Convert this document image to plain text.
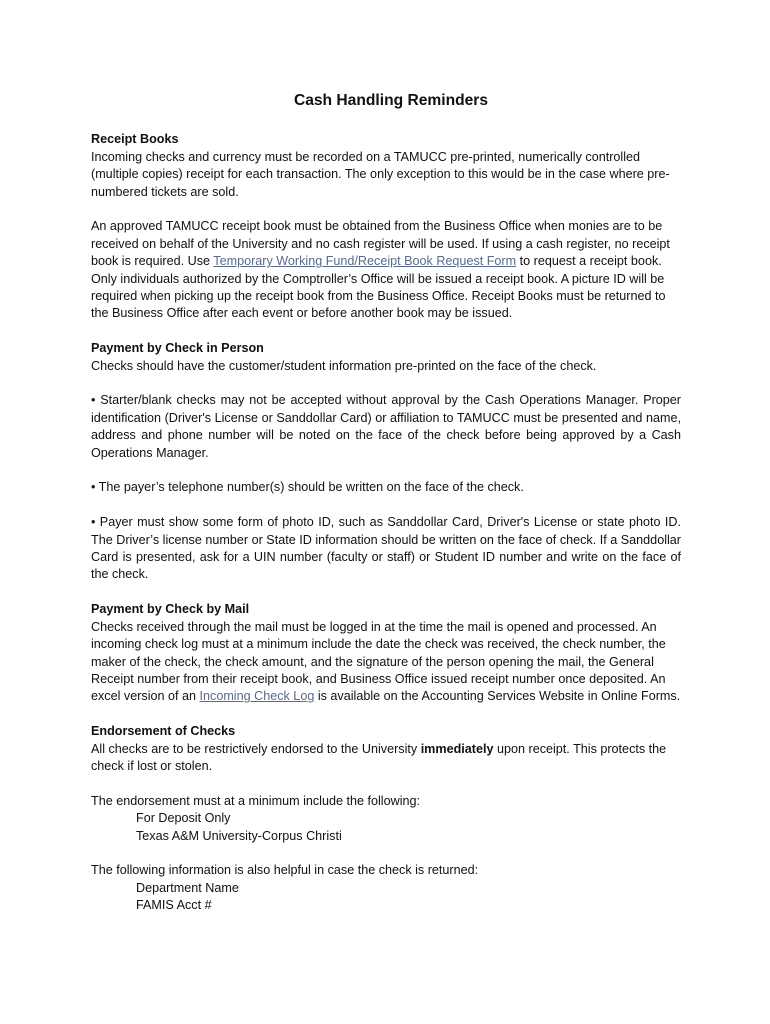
Cash Handling Reminders
Receipt Books

Incoming checks and currency must be recorded on a TAMUCC pre-printed, numerically controlled (multiple copies) receipt for each transaction. The only exception to this would be in the case where pre-numbered tickets are sold.

An approved TAMUCC receipt book must be obtained from the Business Office when monies are to be received on behalf of the University and no cash register will be used. If using a cash register, no receipt book is required. Use Temporary Working Fund/Receipt Book Request Form to request a receipt book. Only individuals authorized by the Comptroller’s Office will be issued a receipt book. A picture ID will be required when picking up the receipt book from the Business Office. Receipt Books must be returned to the Business Office after each event or before another book may be issued.

Payment by Check in Person

Checks should have the customer/student information pre-printed on the face of the check.

• Starter/blank checks may not be accepted without approval by the Cash Operations Manager. Proper identification (Driver's License or Sanddollar Card) or affiliation to TAMUCC must be presented and name, address and phone number will be noted on the face of the check before being approved by a Cash Operations Manager.

• The payer’s telephone number(s) should be written on the face of the check.

• Payer must show some form of photo ID, such as Sanddollar Card, Driver's License or state photo ID. The Driver’s license number or State ID information should be written on the face of check. If a Sanddollar Card is presented, ask for a UIN number (faculty or staff) or Student ID number and write on the face of the check.

Payment by Check by Mail

Checks received through the mail must be logged in at the time the mail is opened and processed. An incoming check log must at a minimum include the date the check was received, the check number, the maker of the check, the check amount, and the signature of the person opening the mail, the General Receipt number from their receipt book, and Business Office issued receipt number once deposited. An excel version of an Incoming Check Log is available on the Accounting Services Website in Online Forms.

Endorsement of Checks

All checks are to be restrictively endorsed to the University immediately upon receipt. This protects the check if lost or stolen.

The endorsement must at a minimum include the following:

For Deposit Only
Texas A&M University-Corpus Christi

The following information is also helpful in case the check is returned:

Department Name
FAMIS Acct #
